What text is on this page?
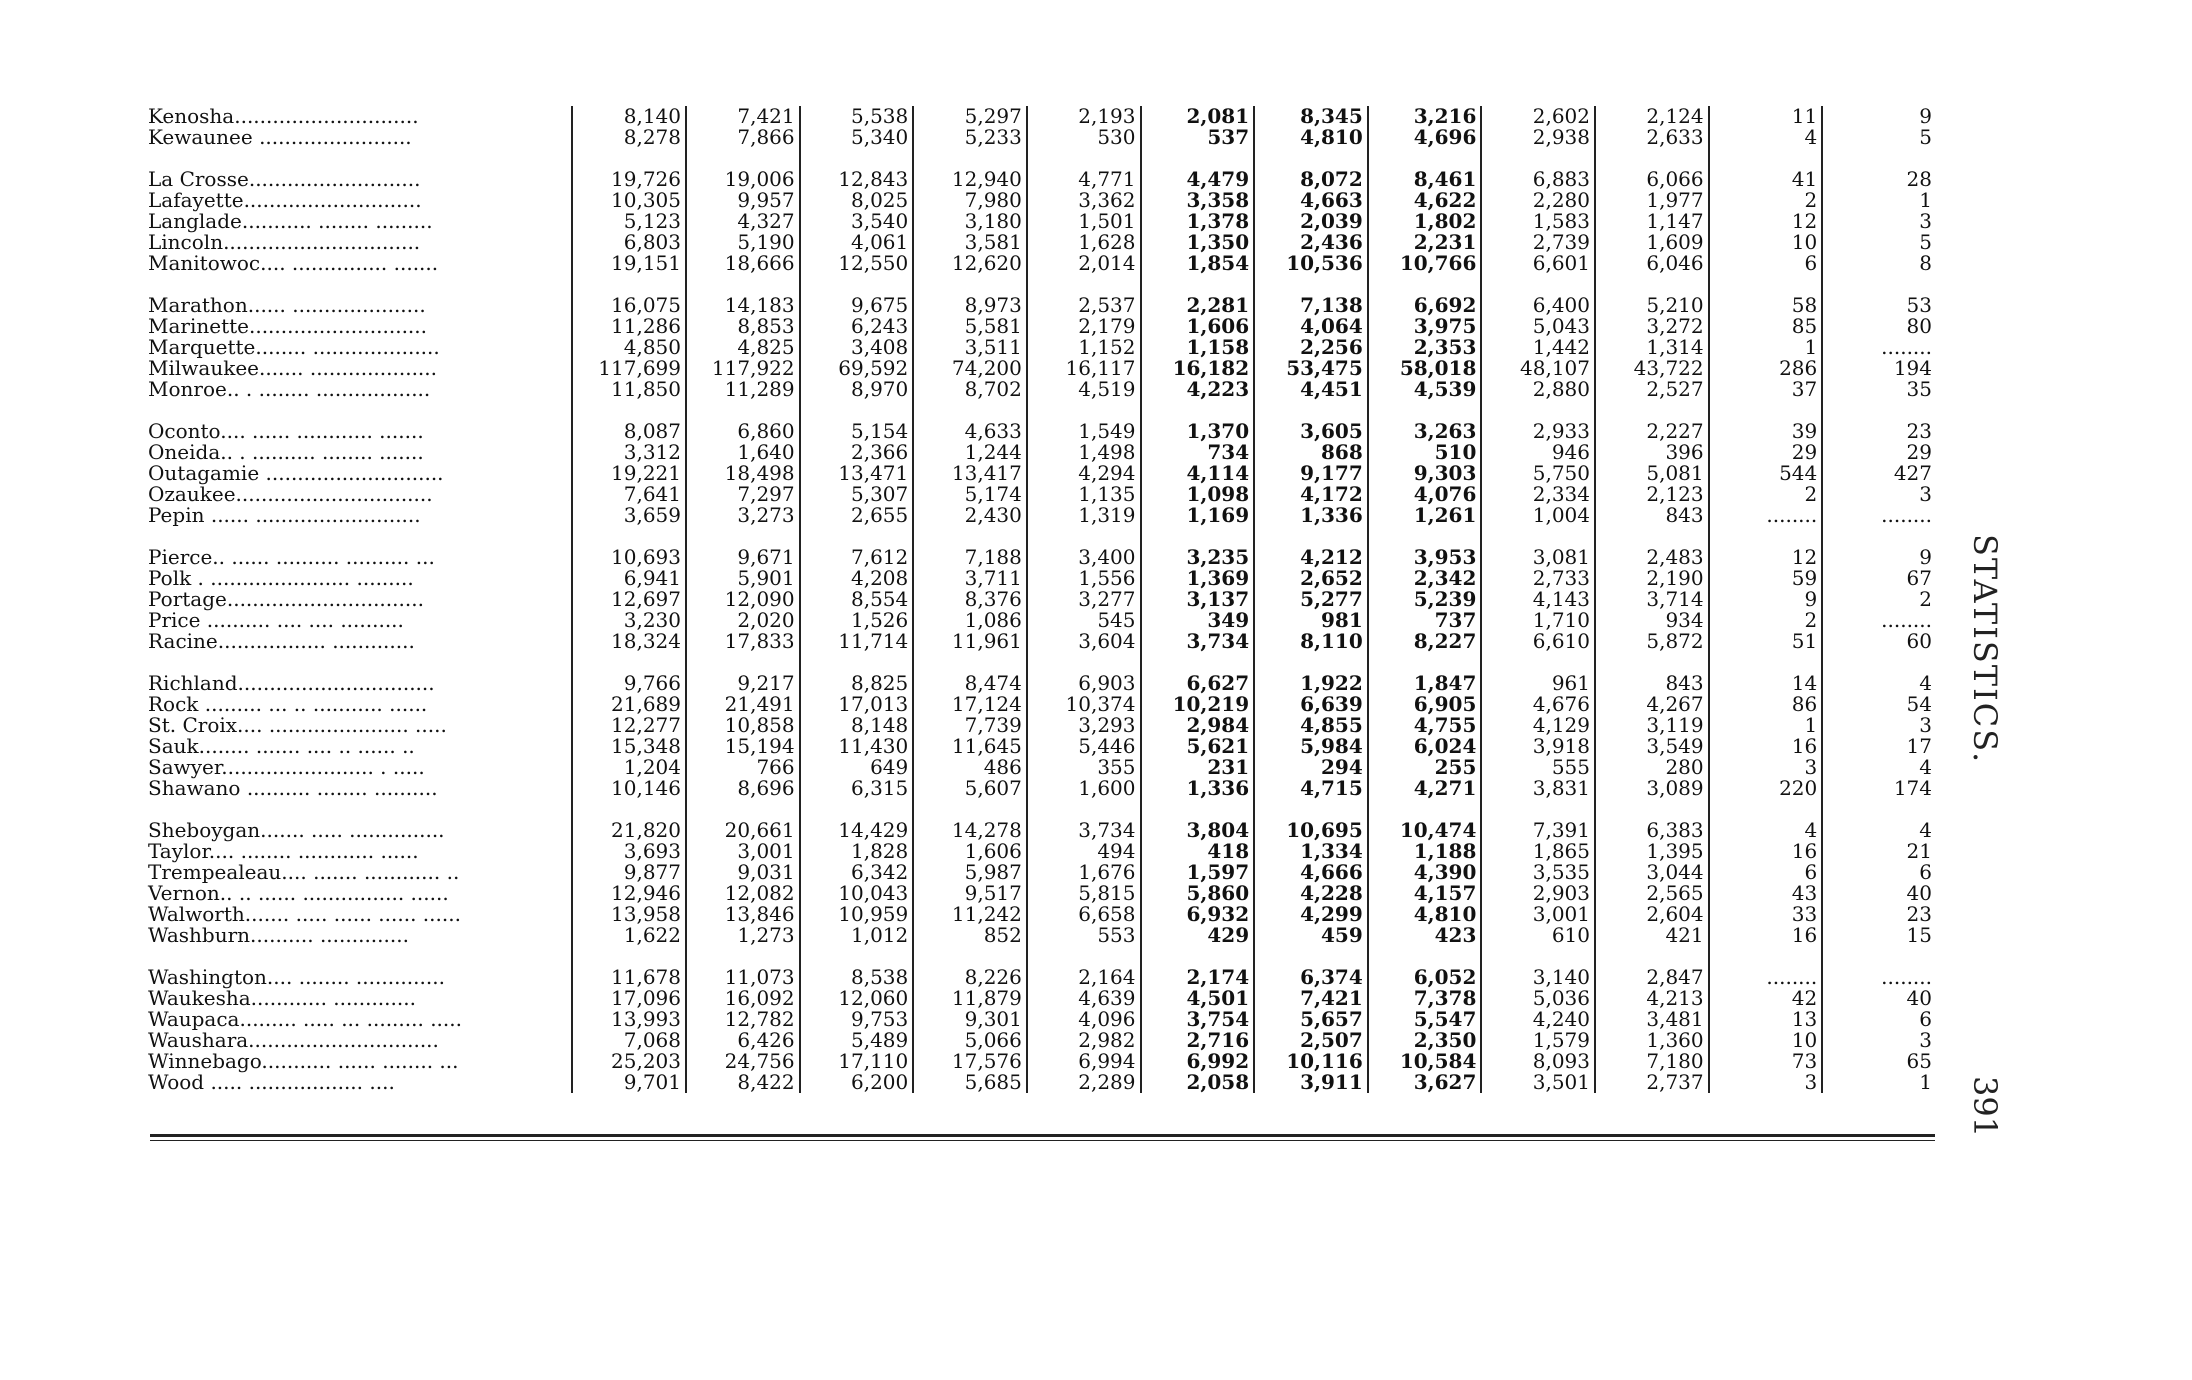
Kenosha.............................	8,140	7,421	5,538	5,297	2,193	2,081	8,345	3,216	2,602	2,124	11	9
Kewaunee ........................	8,278	7,866	5,340	5,233	530	537	4,810	4,696	2,938	2,633	4	5

La Crosse...........................	19,726	19,006	12,843	12,940	4,771	4,479	8,072	8,461	6,883	6,066	41	28
Lafayette............................	10,305	9,957	8,025	7,980	3,362	3,358	4,663	4,622	2,280	1,977	2	1
Langlade........... ........ .........	5,123	4,327	3,540	3,180	1,501	1,378	2,039	1,802	1,583	1,147	12	3
Lincoln...............................	6,803	5,190	4,061	3,581	1,628	1,350	2,436	2,231	2,739	1,609	10	5
Manitowoc.... ............... .......	19,151	18,666	12,550	12,620	2,014	1,854	10,536	10,766	6,601	6,046	6	8

Marathon...... .....................	16,075	14,183	9,675	8,973	2,537	2,281	7,138	6,692	6,400	5,210	58	53
Marinette............................	11,286	8,853	6,243	5,581	2,179	1,606	4,064	3,975	5,043	3,272	85	80
Marquette........ ....................	4,850	4,825	3,408	3,511	1,152	1,158	2,256	2,353	1,442	1,314	1	........
Milwaukee....... ....................	117,699	117,922	69,592	74,200	16,117	16,182	53,475	58,018	48,107	43,722	286	194
Monroe.. . ........ ..................	11,850	11,289	8,970	8,702	4,519	4,223	4,451	4,539	2,880	2,527	37	35

Oconto.... ...... ............ .......	8,087	6,860	5,154	4,633	1,549	1,370	3,605	3,263	2,933	2,227	39	23
Oneida.. . .......... ........ .......	3,312	1,640	2,366	1,244	1,498	734	868	510	946	396	29	29
Outagamie ............................	19,221	18,498	13,471	13,417	4,294	4,114	9,177	9,303	5,750	5,081	544	427
Ozaukee...............................	7,641	7,297	5,307	5,174	1,135	1,098	4,172	4,076	2,334	2,123	2	3
Pepin ...... ..........................	3,659	3,273	2,655	2,430	1,319	1,169	1,336	1,261	1,004	843	........	........

Pierce.. ...... .......... .......... ...	10,693	9,671	7,612	7,188	3,400	3,235	4,212	3,953	3,081	2,483	12	9
Polk . ...................... .........	6,941	5,901	4,208	3,711	1,556	1,369	2,652	2,342	2,733	2,190	59	67
Portage...............................	12,697	12,090	8,554	8,376	3,277	3,137	5,277	5,239	4,143	3,714	9	2
Price .......... .... .... ..........	3,230	2,020	1,526	1,086	545	349	981	737	1,710	934	2	........
Racine................. .............	18,324	17,833	11,714	11,961	3,604	3,734	8,110	8,227	6,610	5,872	51	60

Richland...............................	9,766	9,217	8,825	8,474	6,903	6,627	1,922	1,847	961	843	14	4
Rock ......... ... .. ........... ......	21,689	21,491	17,013	17,124	10,374	10,219	6,639	6,905	4,676	4,267	86	54
St. Croix.... ...................... .....	12,277	10,858	8,148	7,739	3,293	2,984	4,855	4,755	4,129	3,119	1	3
Sauk........ ....... .... .. ...... ..	15,348	15,194	11,430	11,645	5,446	5,621	5,984	6,024	3,918	3,549	16	17
Sawyer........................ . .....	1,204	766	649	486	355	231	294	255	555	280	3	4
Shawano .......... ........ ..........	10,146	8,696	6,315	5,607	1,600	1,336	4,715	4,271	3,831	3,089	220	174

Sheboygan....... ..... ...............	21,820	20,661	14,429	14,278	3,734	3,804	10,695	10,474	7,391	6,383	4	4
Taylor.... ........ ............ ......	3,693	3,001	1,828	1,606	494	418	1,334	1,188	1,865	1,395	16	21
Trempealeau.... ....... ............ ..	9,877	9,031	6,342	5,987	1,676	1,597	4,666	4,390	3,535	3,044	6	6
Vernon.. .. ...... ................ ......	12,946	12,082	10,043	9,517	5,815	5,860	4,228	4,157	2,903	2,565	43	40
Walworth....... ..... ...... ...... ......	13,958	13,846	10,959	11,242	6,658	6,932	4,299	4,810	3,001	2,604	33	23
Washburn.......... ..............	1,622	1,273	1,012	852	553	429	459	423	610	421	16	15

Washington.... ........ ..............	11,678	11,073	8,538	8,226	2,164	2,174	6,374	6,052	3,140	2,847	........	........
Waukesha............ .............	17,096	16,092	12,060	11,879	4,639	4,501	7,421	7,378	5,036	4,213	42	40
Waupaca......... ..... ... ......... .....	13,993	12,782	9,753	9,301	4,096	3,754	5,657	5,547	4,240	3,481	13	6
Waushara..............................	7,068	6,426	5,489	5,066	2,982	2,716	2,507	2,350	1,579	1,360	10	3
Winnebago........... ...... ........ ...	25,203	24,756	17,110	17,576	6,994	6,992	10,116	10,584	8,093	7,180	73	65
Wood ..... .................. ....	9,701	8,422	6,200	5,685	2,289	2,058	3,911	3,627	3,501	2,737	3	1
STATISTICS.
391
